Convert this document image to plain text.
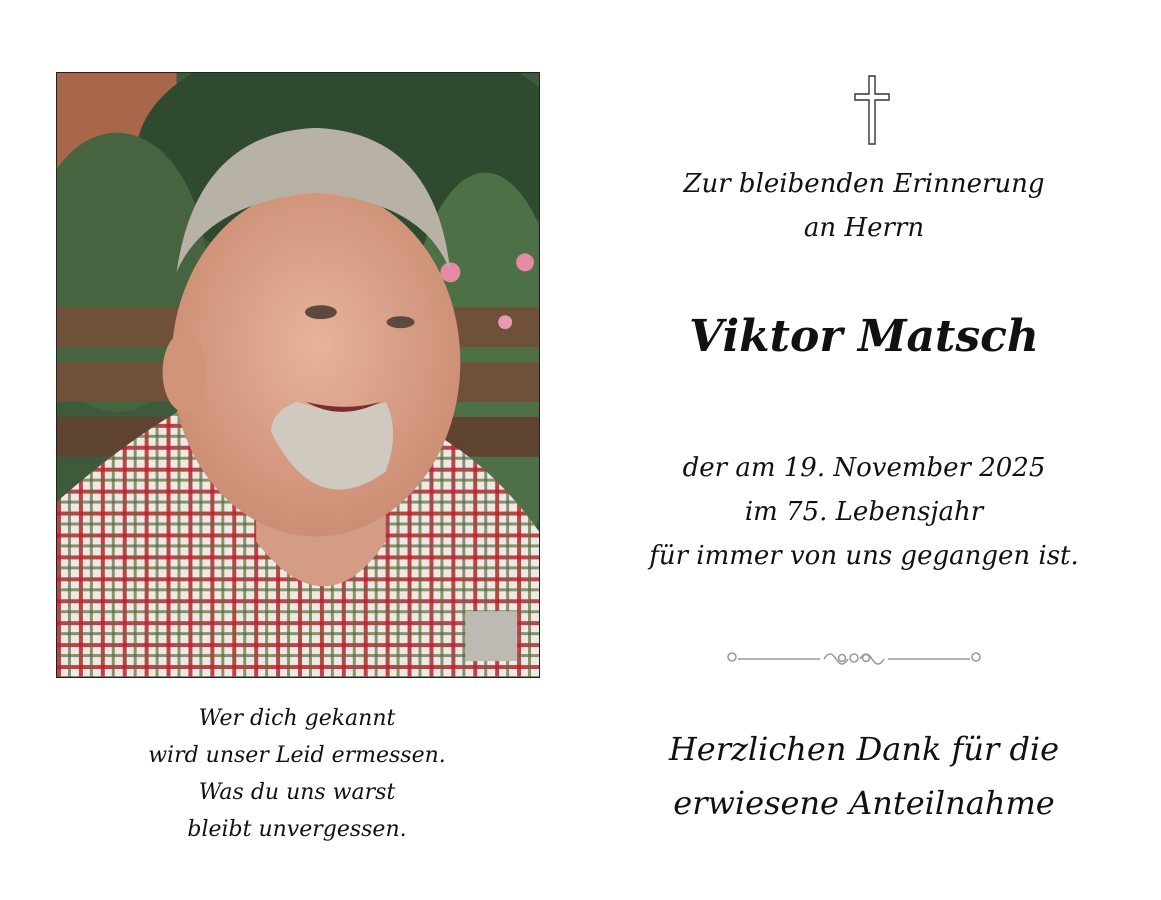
Wer dich gekannt
wird unser Leid ermessen.
Was du uns warst
bleibt unvergessen.
Zur bleibenden Erinnerung
an Herrn
Viktor Matsch
der am 19. November 2025
im 75. Lebensjahr
für immer von uns gegangen ist.
Herzlichen Dank für die
erwiesene Anteilnahme
